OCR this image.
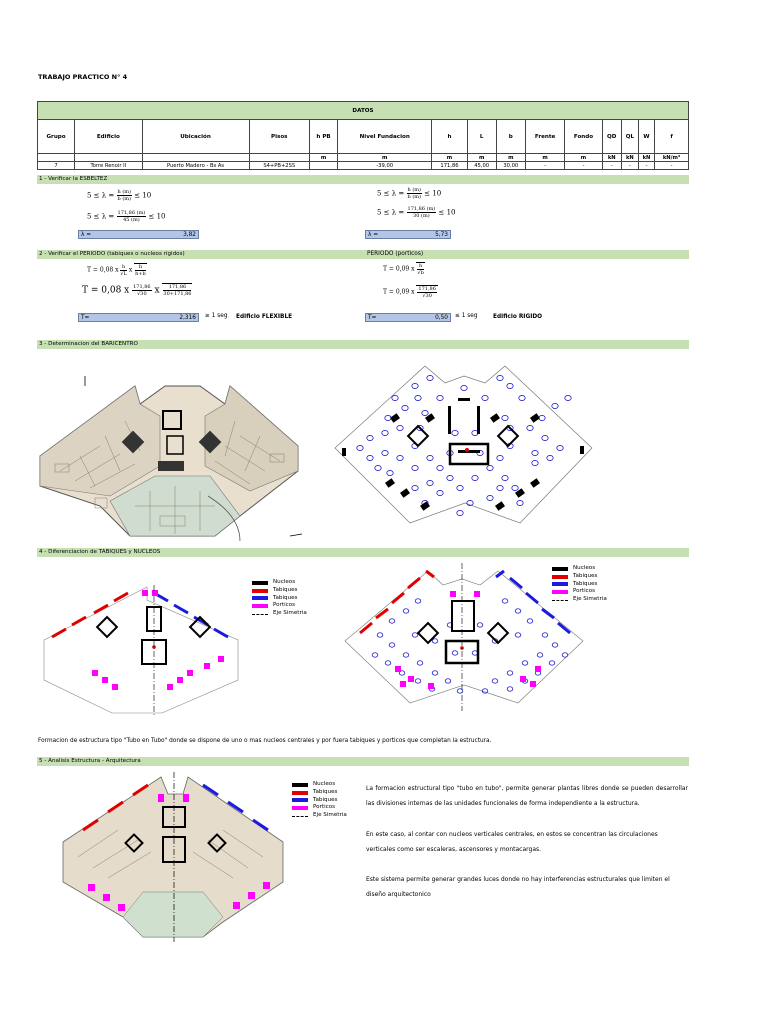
TRABAJO PRACTICO N° 4
DATOS														
Grupo	Edificio	Ubicación	Pisos	h PB	Nivel Fundacion	h	L	b	Frente	Fondo	QD	QL	W	f
				m	m	m	m	m	m	m	kN	kN	kN	kN/m²
7	Torre Renoir II	Puerto Madero - Bs As	S4+PB+2SS		-39,00	171,86	45,00	30,00	-	-	-	-	-	-
1 - Verificar la ESBELTEZ
$5 \le \lambda = \frac{h (m)}{b (m)} \le 10$
$5 \le \lambda = \frac{171,86 (m)}{45 (m)} \le 10$
$5 \le \lambda = \frac{h (m)}{b (m)} \le 10$
$5 \le \lambda = \frac{171,86 (m)}{30 (m)} \le 10$
λ =	3,82	λ =	5,73
2 - Verificar el PERIODO (tabiques o nucleos rigidos)	PERIODO (porticos)
T = 0,08 x $\frac{h}{√L}$ x $\frac{h}{h+b}$
T = 0,08 x $\frac{171,86}{√30}$ x $\frac{171,86}{30+171,86}$
T = 0,09 x $\frac{h}{√b}$
T = 0,09 x $\frac{171,86}{√30}$
T=	2,316 ≥ 1 seg Edificio FLEXIBLE	T=	0,50 ≤ 1 seg	Edificio RIGIDO
3 - Determinacion del BARICENTRO
4 - Diferenciacion de TABIQUES y NUCLEOS
Nucleos
Tabiques
Tabiques
Porticos
Eje Simetria
Nucleos
Tabiques
Tabiques
Porticos
Eje Simetria
Formacion de estructura tipo "Tubo en Tubo" donde se dispone de uno o mas nucleos centrales y por fuera tabiques y porticos que completan la estructura.
5 - Analisis Estructura - Arquitectura
Nucleos
Tabiques
Tabiques
Porticos
Eje Simetria
La formacion estructural tipo "tubo en tubo", permite generar plantas libres donde se pueden desarrollar las divisiones internas de las unidades funcionales de forma independiente a la estructura.
En este caso, al contar con nucleos verticales centrales, en estos se concentran las circulaciones verticales como ser escaleras, ascensores y montacargas.
Este sistema permite generar grandes luces donde no hay interferencias estructurales que limiten el diseño arquitectonico
